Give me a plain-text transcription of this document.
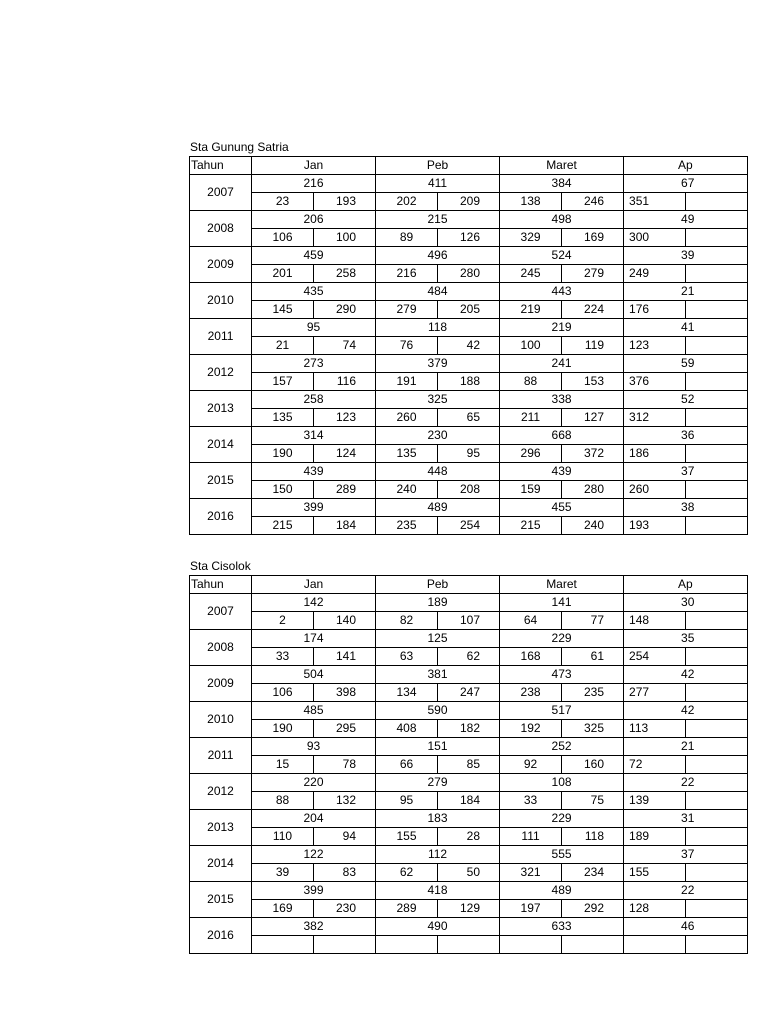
Sta Gunung Satria
Tahun	Jan		Peb		Maret		Ap	
2007	216		411		384		67	
	23	193	202	209	138	246	351	
2008	206		215		498		49	
	106	100	89	126	329	169	300	
2009	459		496		524		39	
	201	258	216	280	245	279	249	
2010	435		484		443		21	
	145	290	279	205	219	224	176	
2011	95		118		219		41	
	21	74	76	42	100	119	123	
2012	273		379		241		59	
	157	116	191	188	88	153	376	
2013	258		325		338		52	
	135	123	260	65	211	127	312	
2014	314		230		668		36	
	190	124	135	95	296	372	186	
2015	439		448		439		37	
	150	289	240	208	159	280	260	
2016	399		489		455		38	
	215	184	235	254	215	240	193	
Sta Cisolok
Tahun	Jan		Peb		Maret		Ap	
2007	142		189		141		30	
	2	140	82	107	64	77	148	
2008	174		125		229		35	
	33	141	63	62	168	61	254	
2009	504		381		473		42	
	106	398	134	247	238	235	277	
2010	485		590		517		42	
	190	295	408	182	192	325	113	
2011	93		151		252		21	
	15	78	66	85	92	160	72	
2012	220		279		108		22	
	88	132	95	184	33	75	139	
2013	204		183		229		31	
	110	94	155	28	111	118	189	
2014	122		112		555		37	
	39	83	62	50	321	234	155	
2015	399		418		489		22	
	169	230	289	129	197	292	128	
2016	382		490		633		46	
